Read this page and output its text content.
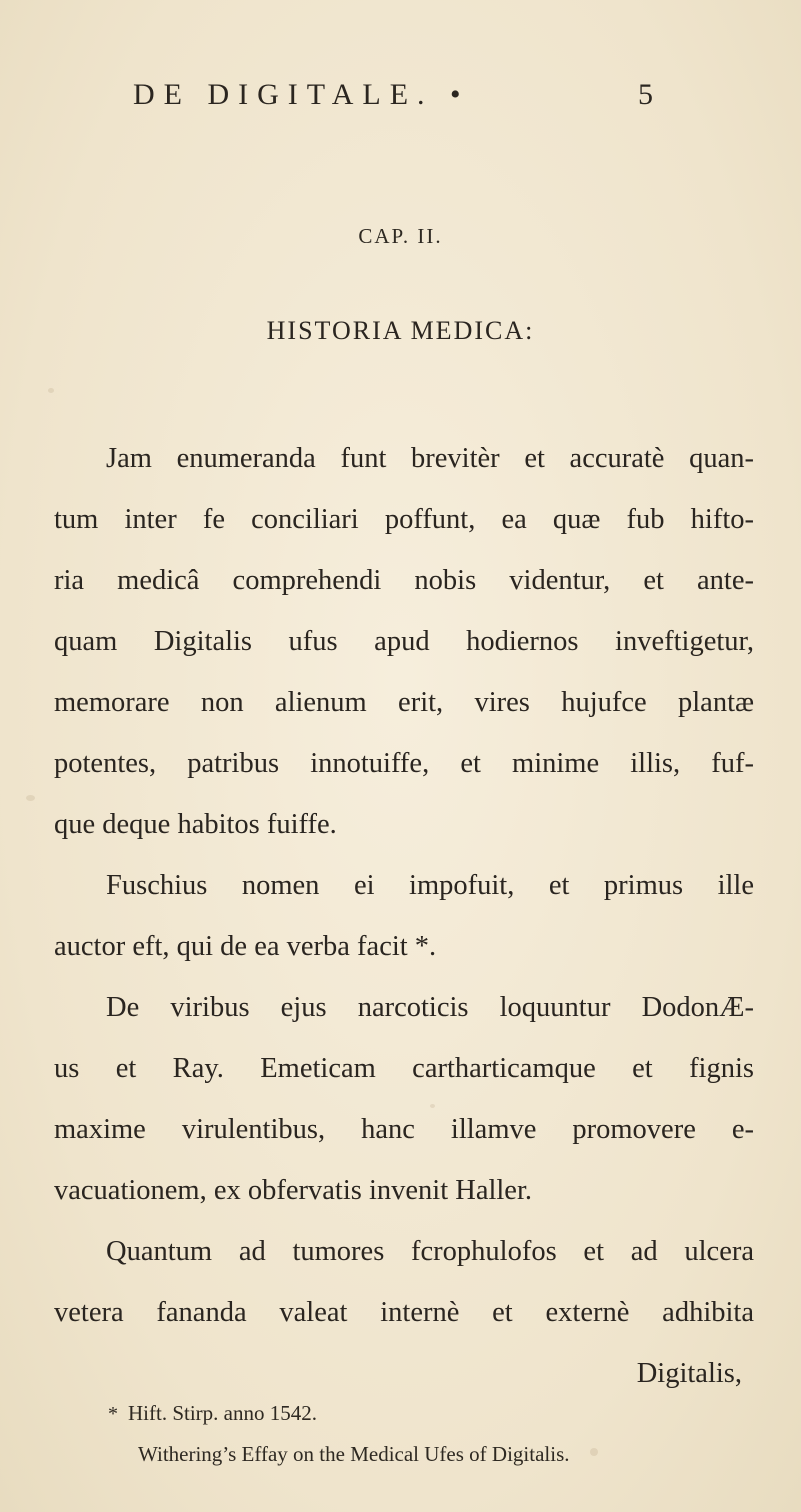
DE DIGITALE. •	5
CAP. II.
HISTORIA MEDICA:
Jam enumeranda funt brevitèr et accuratè quan-
tum inter fe conciliari poffunt, ea quæ fub hifto-
ria medicâ comprehendi nobis videntur, et ante-
quam Digitalis ufus apud hodiernos inveftigetur,
memorare non alienum erit, vires hujufce plantæ
potentes, patribus innotuiffe, et minime illis, fuf-
que deque habitos fuiffe.
Fuschius nomen ei impofuit, et primus ille
auctor eft, qui de ea verba facit *.
De viribus ejus narcoticis loquuntur DodonÆ-
us et Ray. Emeticam cartharticamque et fignis
maxime virulentibus, hanc illamve promovere e-
vacuationem, ex obfervatis invenit Haller.
Quantum ad tumores fcrophulofos et ad ulcera
vetera fananda valeat internè et externè adhibita
Digitalis,
* Hift. Stirp. anno 1542.
Withering’s Effay on the Medical Ufes of Digitalis.
